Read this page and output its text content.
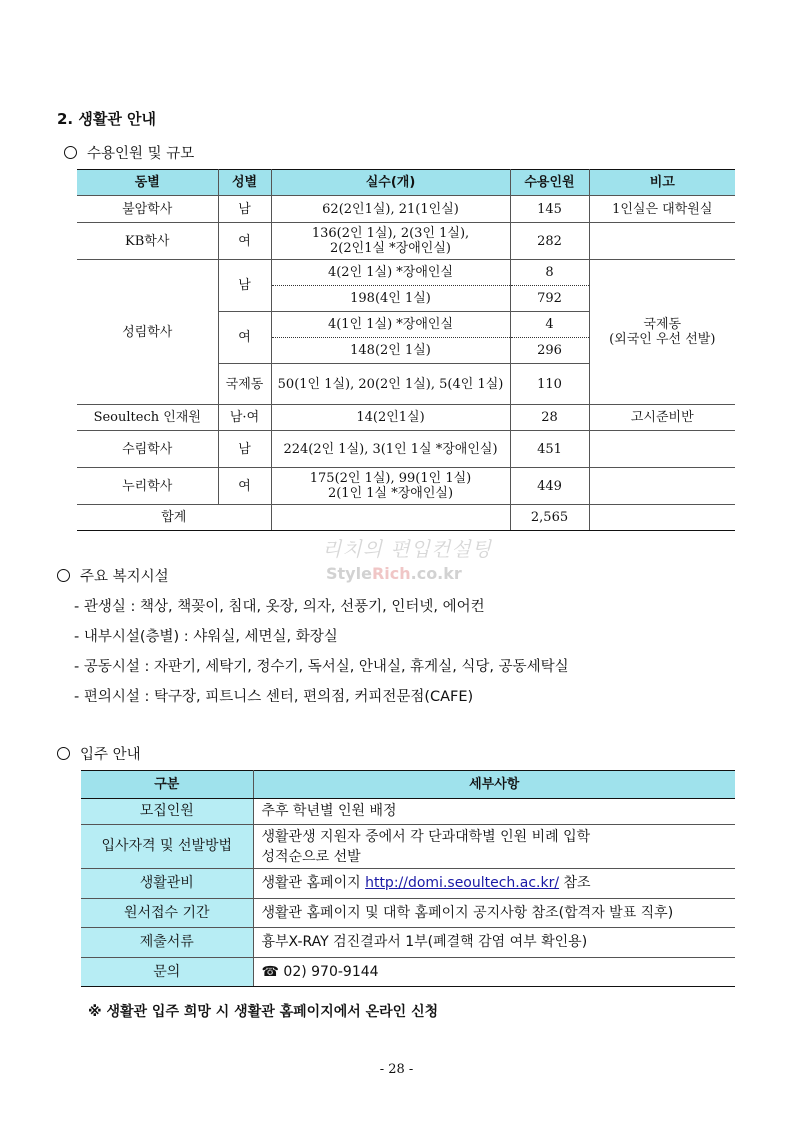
2. 생활관 안내
수용인원 및 규모
동별	성별	실수(개)	수용인원	비고
불암학사	남	62(2인1실), 21(1인실)	145	1인실은 대학원실
KB학사	여	136(2인 1실), 2(3인 1실),
2(2인1실 *장애인실)	282	
성림학사	남	4(2인 1실) *장애인실	8	국제동
(외국인 우선 선발)

		198(4인 1실)	792	
	여	4(1인 1실) *장애인실	4	
		148(2인 1실)	296	
	국제동	50(1인 1실), 20(2인 1실), 5(4인 1실)	110	
Seoultech 인재원	남·여	14(2인1실)	28	고시준비반
수림학사	남	224(2인 1실), 3(1인 1실 *장애인실)	451	
누리학사	여	175(2인 1실), 99(1인 1실)
2(1인 1실 *장애인실)	449	
합계			2,565	
리치의 편입컨설팅
StyleRich.co.kr
주요 복지시설
- 관생실 : 책상, 책꽂이, 침대, 옷장, 의자, 선풍기, 인터넷, 에어컨
- 내부시설(층별) : 샤워실, 세면실, 화장실
- 공동시설 : 자판기, 세탁기, 정수기, 독서실, 안내실, 휴게실, 식당, 공동세탁실
- 편의시설 : 탁구장, 피트니스 센터, 편의점, 커피전문점(CAFE)
입주 안내
구분	세부사항
모집인원	추후 학년별 인원 배정
입사자격 및 선발방법	생활관생 지원자 중에서 각 단과대학별 인원 비례 입학
성적순으로 선발

생활관비	생활관 홈페이지 http://domi.seoultech.ac.kr/ 참조
원서접수 기간	생활관 홈페이지 및 대학 홈페이지 공지사항 참조(합격자 발표 직후)
제출서류	흉부X-RAY 검진결과서 1부(폐결핵 감염 여부 확인용)
문의	☎ 02) 970-9144
※ 생활관 입주 희망 시 생활관 홈페이지에서 온라인 신청
- 28 -
